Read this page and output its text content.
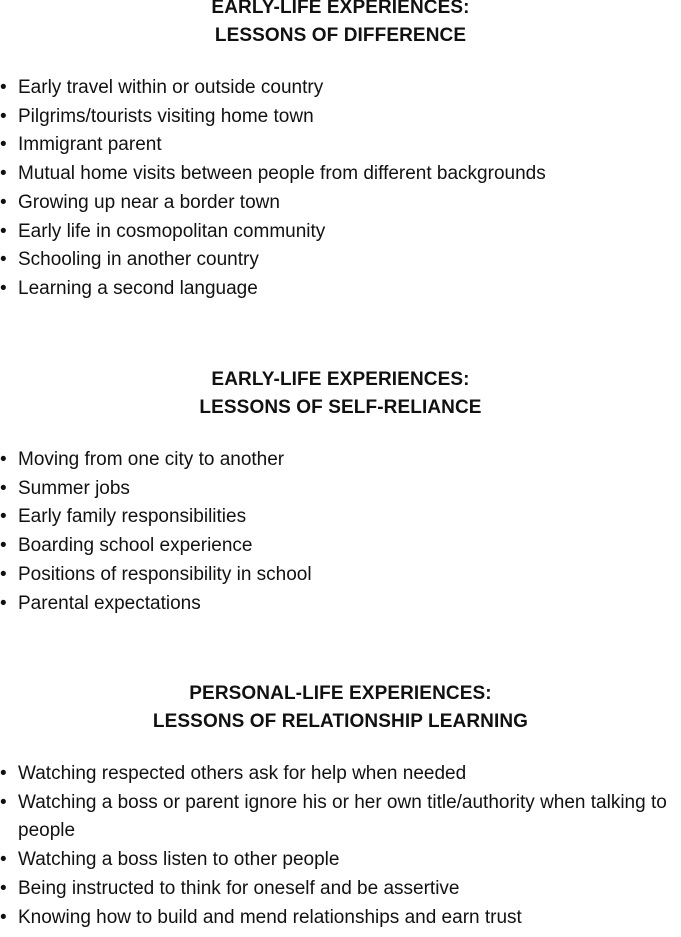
EARLY-LIFE EXPERIENCES:
LESSONS OF DIFFERENCE
• Early travel within or outside country
• Pilgrims/tourists visiting home town
• Immigrant parent
• Mutual home visits between people from different backgrounds
• Growing up near a border town
• Early life in cosmopolitan community
• Schooling in another country
• Learning a second language
EARLY-LIFE EXPERIENCES:
LESSONS OF SELF-RELIANCE
• Moving from one city to another
• Summer jobs
• Early family responsibilities
• Boarding school experience
• Positions of responsibility in school
• Parental expectations
PERSONAL-LIFE EXPERIENCES:
LESSONS OF RELATIONSHIP LEARNING
• Watching respected others ask for help when needed
• Watching a boss or parent ignore his or her own title/authority when talking to people
• Watching a boss listen to other people
• Being instructed to think for oneself and be assertive
• Knowing how to build and mend relationships and earn trust
